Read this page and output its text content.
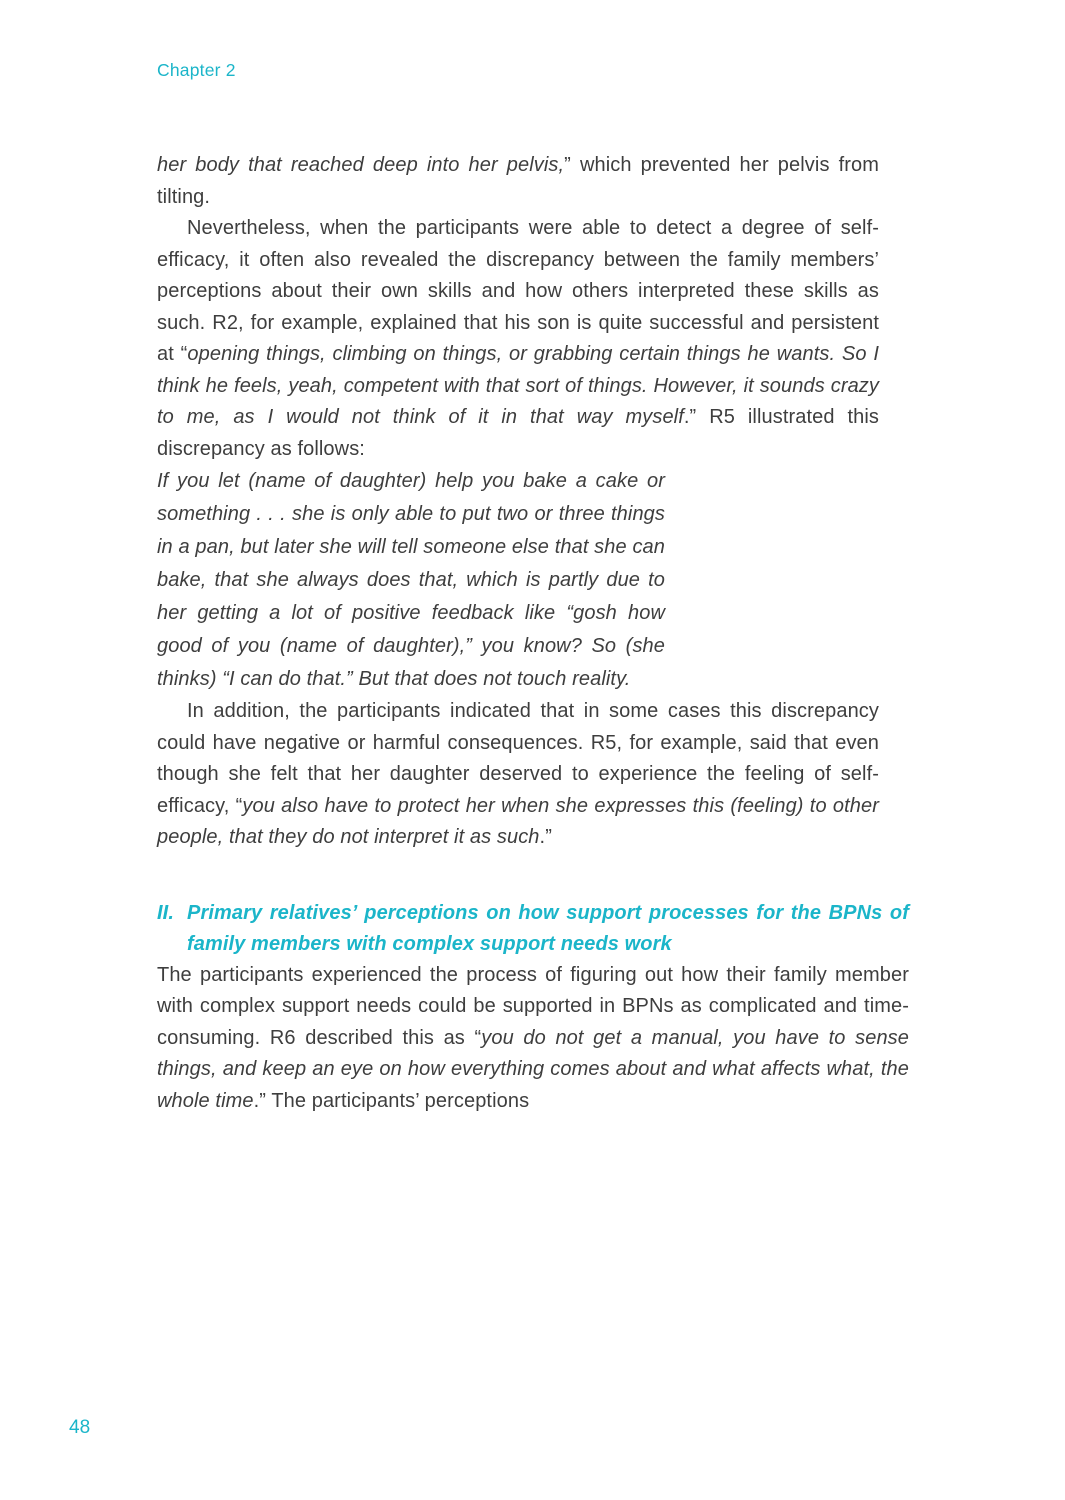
Chapter 2

her body that reached deep into her pelvis,” which prevented her pelvis from tilting.

Nevertheless, when the participants were able to detect a degree of self-efficacy, it often also revealed the discrepancy between the family members’ perceptions about their own skills and how others interpreted these skills as such. R2, for example, explained that his son is quite successful and persistent at “opening things, climbing on things, or grabbing certain things he wants. So I think he feels, yeah, competent with that sort of things. However, it sounds crazy to me, as I would not think of it in that way myself.” R5 illustrated this discrepancy as follows:

If you let (name of daughter) help you bake a cake or something . . . she is only able to put two or three things in a pan, but later she will tell someone else that she can bake, that she always does that, which is partly due to her getting a lot of positive feedback like “gosh how good of you (name of daughter),” you know? So (she thinks) “I can do that.” But that does not touch reality.

In addition, the participants indicated that in some cases this discrepancy could have negative or harmful consequences. R5, for example, said that even though she felt that her daughter deserved to experience the feeling of self-efficacy, “you also have to protect her when she expresses this (feeling) to other people, that they do not interpret it as such.”

II. Primary relatives’ perceptions on how support processes for the BPNs of family members with complex support needs work

The participants experienced the process of figuring out how their family member with complex support needs could be supported in BPNs as complicated and time-consuming. R6 described this as “you do not get a manual, you have to sense things, and keep an eye on how everything comes about and what affects what, the whole time.” The participants’ perceptions

48
